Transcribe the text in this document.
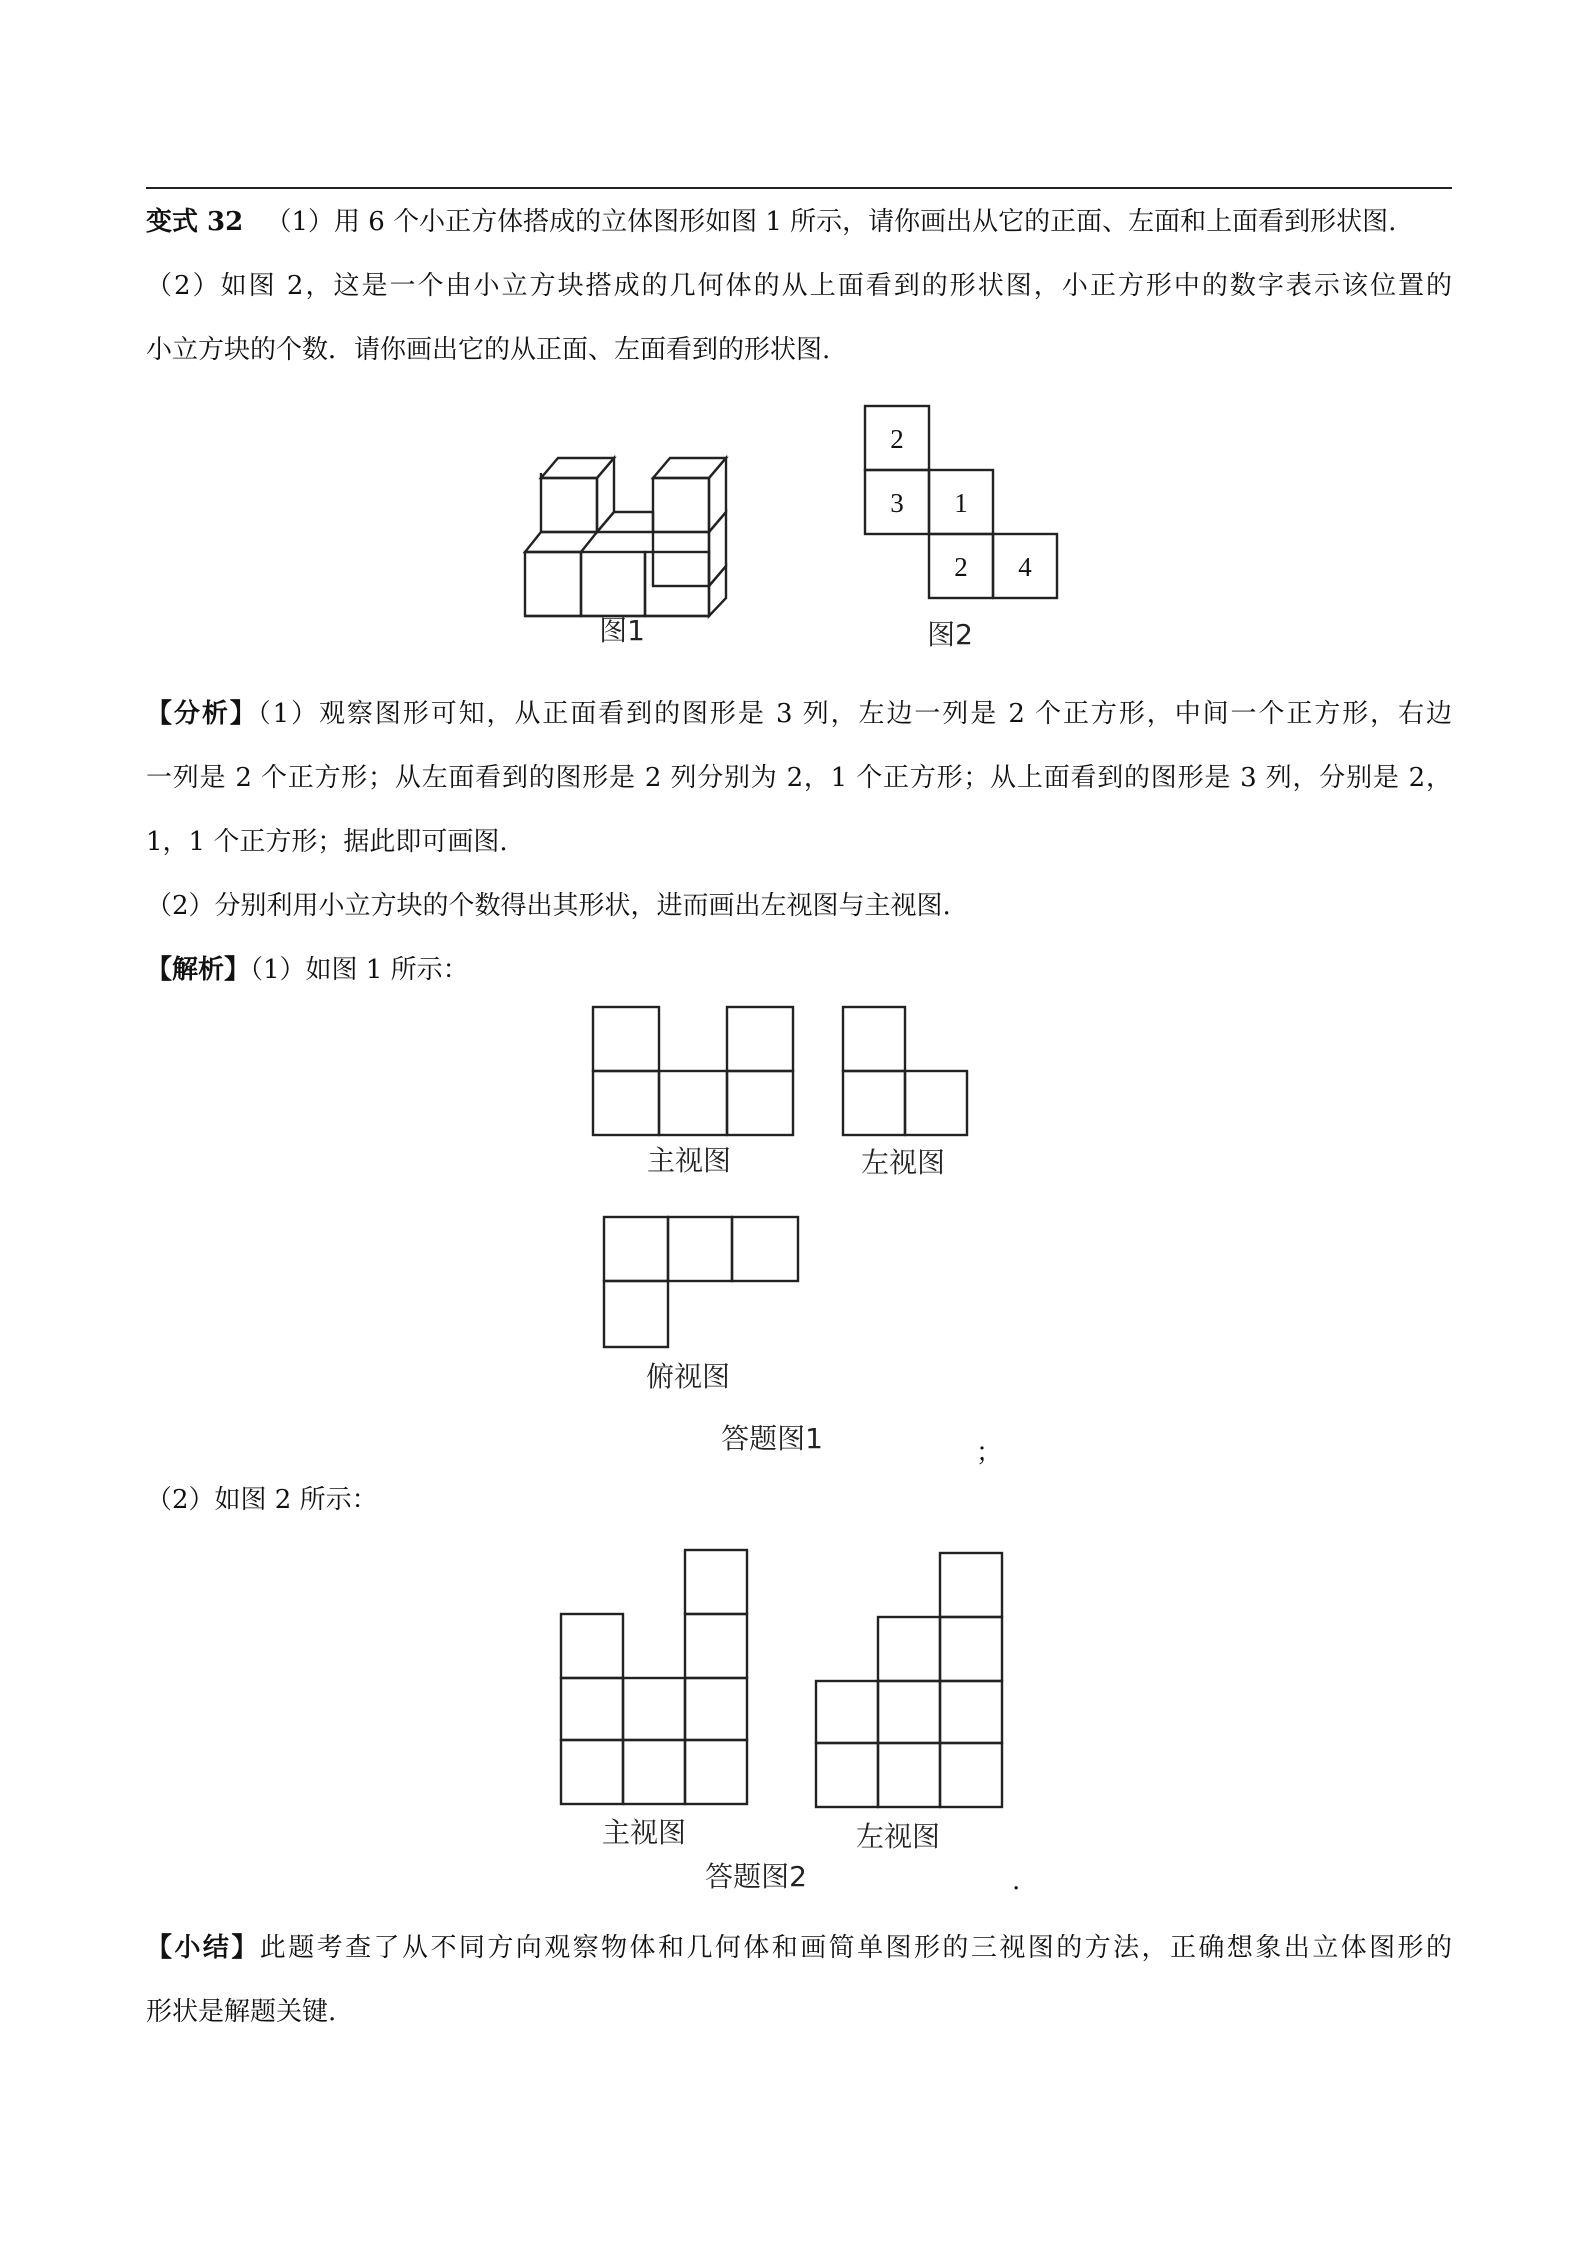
变式 32 （1）用 6 个小正方体搭成的立体图形如图 1 所示，请你画出从它的正面、左面和上面看到形状图.
（2）如图 2，这是一个由小立方块搭成的几何体的从上面看到的形状图，小正方形中的数字表示该位置的
小立方块的个数．请你画出它的从正面、左面看到的形状图.
图1
2
3 1
2 4
图2
主视图	左视图
俯视图
答题图1
主视图	左视图
答题图2
【分析】（1）观察图形可知，从正面看到的图形是 3 列，左边一列是 2 个正方形，中间一个正方形，右边
一列是 2 个正方形；从左面看到的图形是 2 列分别为 2，1 个正方形；从上面看到的图形是 3 列，分别是 2，
1，1 个正方形；据此即可画图.
（2）分别利用小立方块的个数得出其形状，进而画出左视图与主视图.
【解析】（1）如图 1 所示：
；
（2）如图 2 所示：
.
【小结】此题考查了从不同方向观察物体和几何体和画简单图形的三视图的方法，正确想象出立体图形的
形状是解题关键.
